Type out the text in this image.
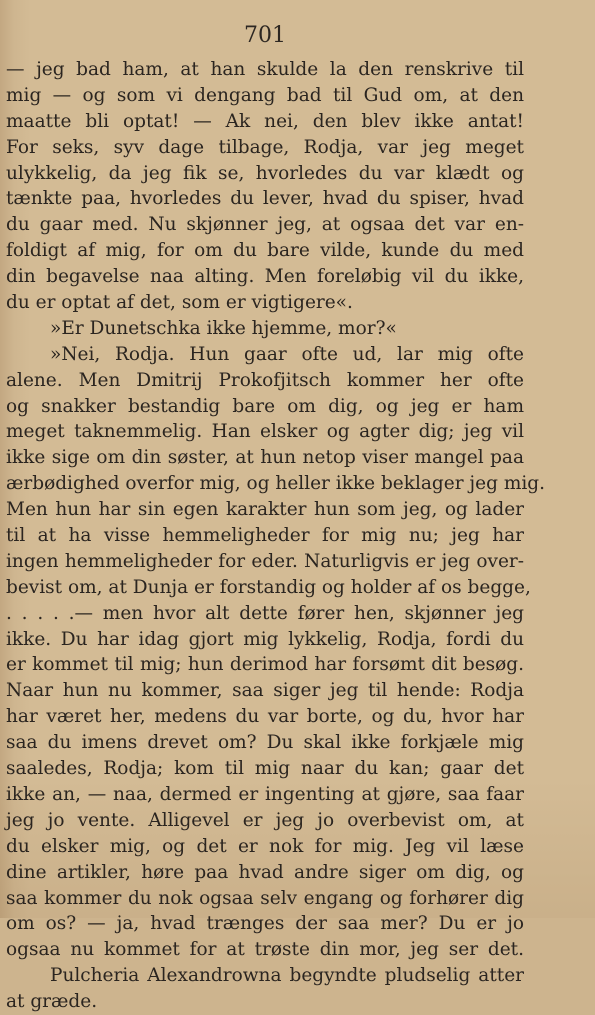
701
— jeg bad ham, at han skulde la den renskrive til
mig — og som vi dengang bad til Gud om, at den
maatte bli optat! — Ak nei, den blev ikke antat!
For seks, syv dage tilbage, Rodja, var jeg meget
ulykkelig, da jeg fik se, hvorledes du var klædt og
tænkte paa, hvorledes du lever, hvad du spiser, hvad
du gaar med. Nu skjønner jeg, at ogsaa det var en-
foldigt af mig, for om du bare vilde, kunde du med
din begavelse naa alting. Men foreløbig vil du ikke,
du er optat af det, som er vigtigere«.
»Er Dunetschka ikke hjemme, mor?«
»Nei, Rodja. Hun gaar ofte ud, lar mig ofte
alene. Men Dmitrij Prokofjitsch kommer her ofte
og snakker bestandig bare om dig, og jeg er ham
meget taknemmelig. Han elsker og agter dig; jeg vil
ikke sige om din søster, at hun netop viser mangel paa
ærbødighed overfor mig, og heller ikke beklager jeg mig.
Men hun har sin egen karakter hun som jeg, og lader
til at ha visse hemmeligheder for mig nu; jeg har
ingen hemmeligheder for eder. Naturligvis er jeg over-
bevist om, at Dunja er forstandig og holder af os begge,
. . . . .— men hvor alt dette fører hen, skjønner jeg
ikke. Du har idag gjort mig lykkelig, Rodja, fordi du
er kommet til mig; hun derimod har forsømt dit besøg.
Naar hun nu kommer, saa siger jeg til hende: Rodja
har været her, medens du var borte, og du, hvor har
saa du imens drevet om? Du skal ikke forkjæle mig
saaledes, Rodja; kom til mig naar du kan; gaar det
ikke an, — naa, dermed er ingenting at gjøre, saa faar
jeg jo vente. Alligevel er jeg jo overbevist om, at
du elsker mig, og det er nok for mig. Jeg vil læse
dine artikler, høre paa hvad andre siger om dig, og
saa kommer du nok ogsaa selv engang og forhører dig
om os? — ja, hvad trænges der saa mer? Du er jo
ogsaa nu kommet for at trøste din mor, jeg ser det.
Pulcheria Alexandrowna begyndte pludselig atter
at græde.
